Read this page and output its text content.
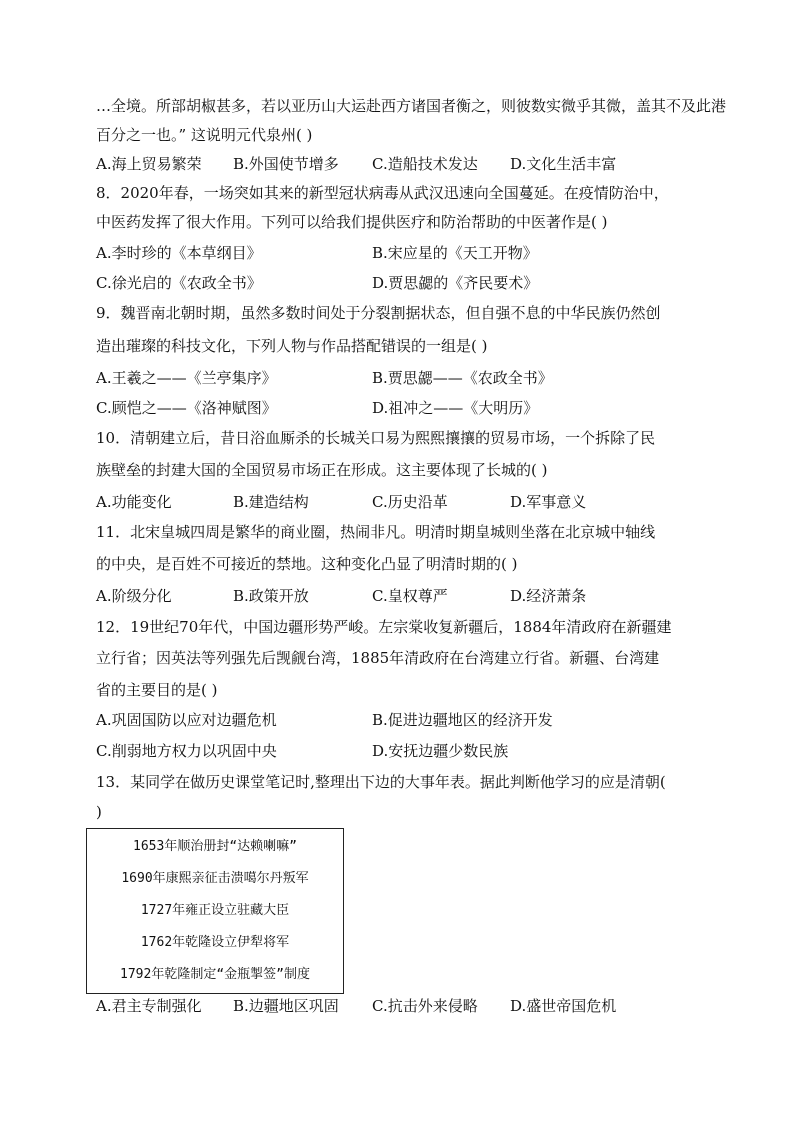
…全境。所部胡椒甚多，若以亚历山大运赴西方诸国者衡之，则彼数实微乎其微，盖其不及此港
百分之一也。” 这说明元代泉州( )
A.海上贸易繁荣 B.外国使节增多 C.造船技术发达 D.文化生活丰富
8．2020年春，一场突如其来的新型冠状病毒从武汉迅速向全国蔓延。在疫情防治中，
中医药发挥了很大作用。下列可以给我们提供医疗和防治帮助的中医著作是( )
A.李时珍的《本草纲目》	B.宋应星的《天工开物》
C.徐光启的《农政全书》	D.贾思勰的《齐民要术》
9．魏晋南北朝时期，虽然多数时间处于分裂割据状态，但自强不息的中华民族仍然创
造出璀璨的科技文化，下列人物与作品搭配错误的一组是( )
A.王羲之——《兰亭集序》	B.贾思勰——《农政全书》
C.顾恺之——《洛神赋图》	D.祖冲之——《大明历》
10．清朝建立后，昔日浴血厮杀的长城关口易为熙熙攘攘的贸易市场，一个拆除了民
族壁垒的封建大国的全国贸易市场正在形成。这主要体现了长城的( )
A.功能变化	B.建造结构	C.历史沿革	D.军事意义
11．北宋皇城四周是繁华的商业圈，热闹非凡。明清时期皇城则坐落在北京城中轴线
的中央，是百姓不可接近的禁地。这种变化凸显了明清时期的( )
A.阶级分化	B.政策开放	C.皇权尊严	D.经济萧条
12．19世纪70年代，中国边疆形势严峻。左宗棠收复新疆后，1884年清政府在新疆建
立行省；因英法等列强先后觊觎台湾，1885年清政府在台湾建立行省。新疆、台湾建
省的主要目的是( )
A.巩固国防以应对边疆危机	B.促进边疆地区的经济开发
C.削弱地方权力以巩固中央	D.安抚边疆少数民族
13．某同学在做历史课堂笔记时,整理出下边的大事年表。据此判断他学习的应是清朝(
)
1653年顺治册封“达赖喇嘛”
1690年康熙亲征击溃噶尔丹叛军
1727年雍正设立驻藏大臣
1762年乾隆设立伊犁将军
1792年乾隆制定“金瓶掣签”制度
A.君主专制强化 B.边疆地区巩固 C.抗击外来侵略 D.盛世帝国危机
